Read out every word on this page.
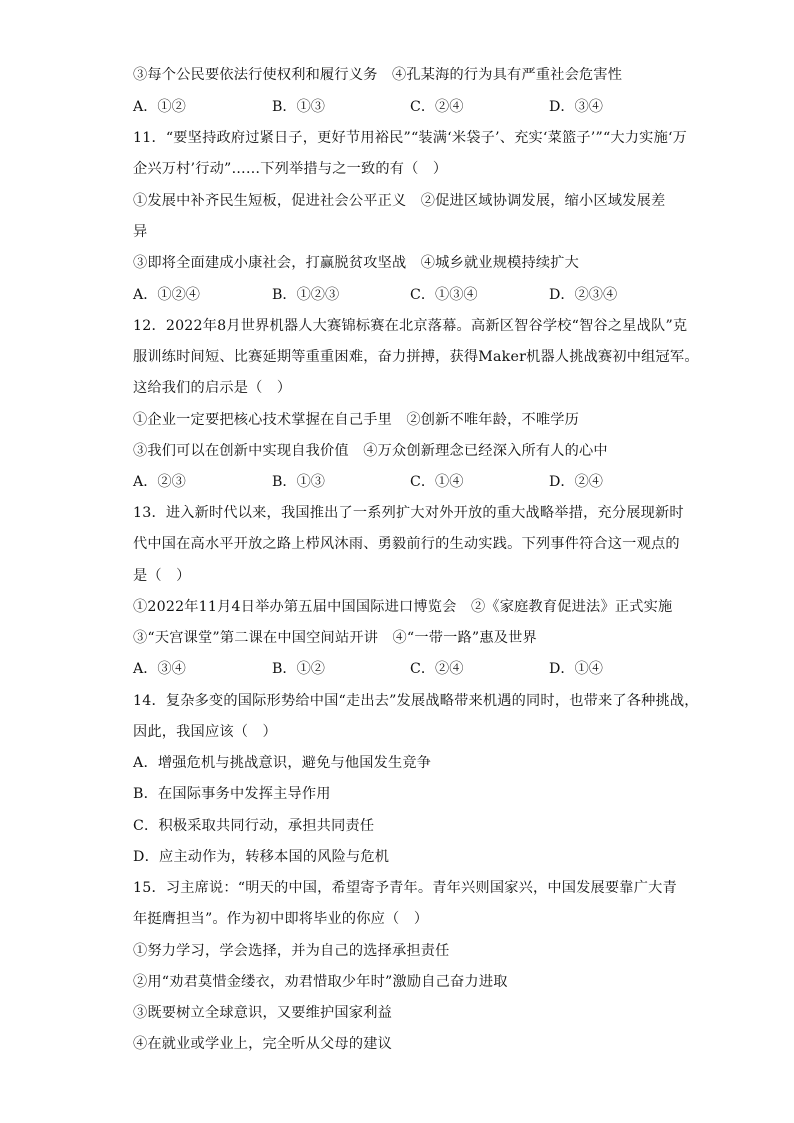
③每个公民要依法行使权利和履行义务　④孔某海的行为具有严重社会危害性
A．①②	B．①③	C．②④	D．③④
11．“要坚持政府过紧日子，更好节用裕民”“装满‘米袋子’、充实‘菜篮子’”“大力实施‘万
企兴万村’行动”……下列举措与之一致的有（　）
①发展中补齐民生短板，促进社会公平正义　②促进区域协调发展，缩小区域发展差
异
③即将全面建成小康社会，打赢脱贫攻坚战　④城乡就业规模持续扩大
A．①②④	B．①②③	C．①③④	D．②③④
12．2022年8月世界机器人大赛锦标赛在北京落幕。高新区智谷学校“智谷之星战队”克
服训练时间短、比赛延期等重重困难，奋力拼搏，获得Maker机器人挑战赛初中组冠军。
这给我们的启示是（　）
①企业一定要把核心技术掌握在自己手里　②创新不唯年龄，不唯学历
③我们可以在创新中实现自我价值　④万众创新理念已经深入所有人的心中
A．②③	B．①③	C．①④	D．②④
13．进入新时代以来，我国推出了一系列扩大对外开放的重大战略举措，充分展现新时
代中国在高水平开放之路上栉风沐雨、勇毅前行的生动实践。下列事件符合这一观点的
是（　）
①2022年11月4日举办第五届中国国际进口博览会　②《家庭教育促进法》正式实施
③“天宫课堂”第二课在中国空间站开讲　④“一带一路”惠及世界
A．③④	B．①②	C．②④	D．①④
14．复杂多变的国际形势给中国“走出去”发展战略带来机遇的同时，也带来了各种挑战，
因此，我国应该（　）
A．增强危机与挑战意识，避免与他国发生竞争
B．在国际事务中发挥主导作用
C．积极采取共同行动，承担共同责任
D．应主动作为，转移本国的风险与危机
15．习主席说：“明天的中国，希望寄予青年。青年兴则国家兴，中国发展要靠广大青
年挺膺担当”。作为初中即将毕业的你应（　）
①努力学习，学会选择，并为自己的选择承担责任
②用“劝君莫惜金缕衣，劝君惜取少年时”激励自己奋力进取
③既要树立全球意识，又要维护国家利益
④在就业或学业上，完全听从父母的建议
